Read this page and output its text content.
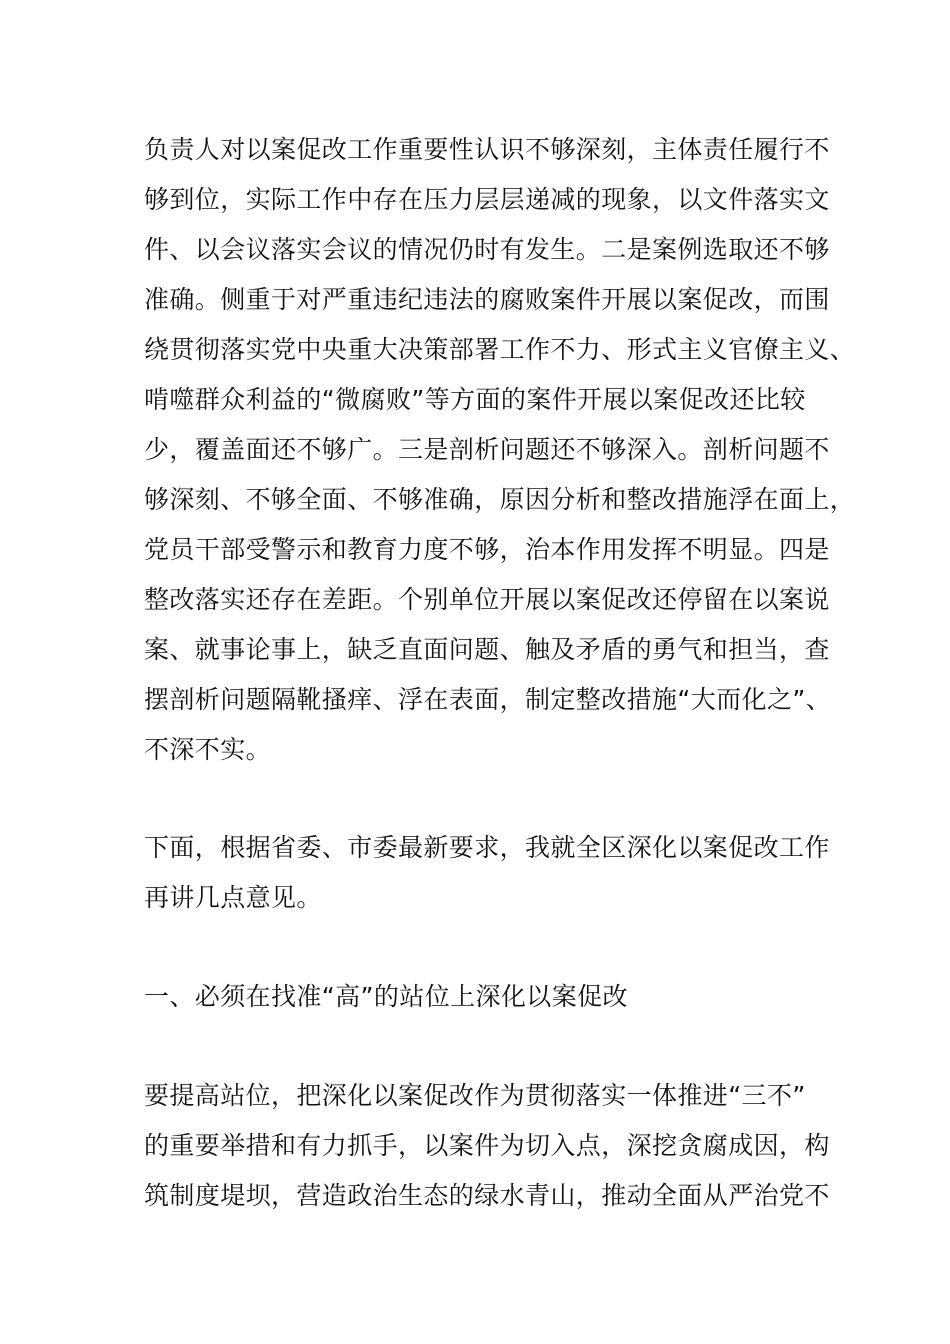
负责人对以案促改工作重要性认识不够深刻，主体责任履行不
够到位，实际工作中存在压力层层递减的现象，以文件落实文
件、以会议落实会议的情况仍时有发生。二是案例选取还不够
准确。侧重于对严重违纪违法的腐败案件开展以案促改，而围
绕贯彻落实党中央重大决策部署工作不力、形式主义官僚主义、
啃噬群众利益的“微腐败”等方面的案件开展以案促改还比较
少，覆盖面还不够广。三是剖析问题还不够深入。剖析问题不
够深刻、不够全面、不够准确，原因分析和整改措施浮在面上，
党员干部受警示和教育力度不够，治本作用发挥不明显。四是
整改落实还存在差距。个别单位开展以案促改还停留在以案说
案、就事论事上，缺乏直面问题、触及矛盾的勇气和担当，查
摆剖析问题隔靴搔痒、浮在表面，制定整改措施“大而化之”、
不深不实。
下面，根据省委、市委最新要求，我就全区深化以案促改工作
再讲几点意见。
一、必须在找准“高”的站位上深化以案促改
要提高站位，把深化以案促改作为贯彻落实一体推进“三不”
的重要举措和有力抓手，以案件为切入点，深挖贪腐成因，构
筑制度堤坝，营造政治生态的绿水青山，推动全面从严治党不
